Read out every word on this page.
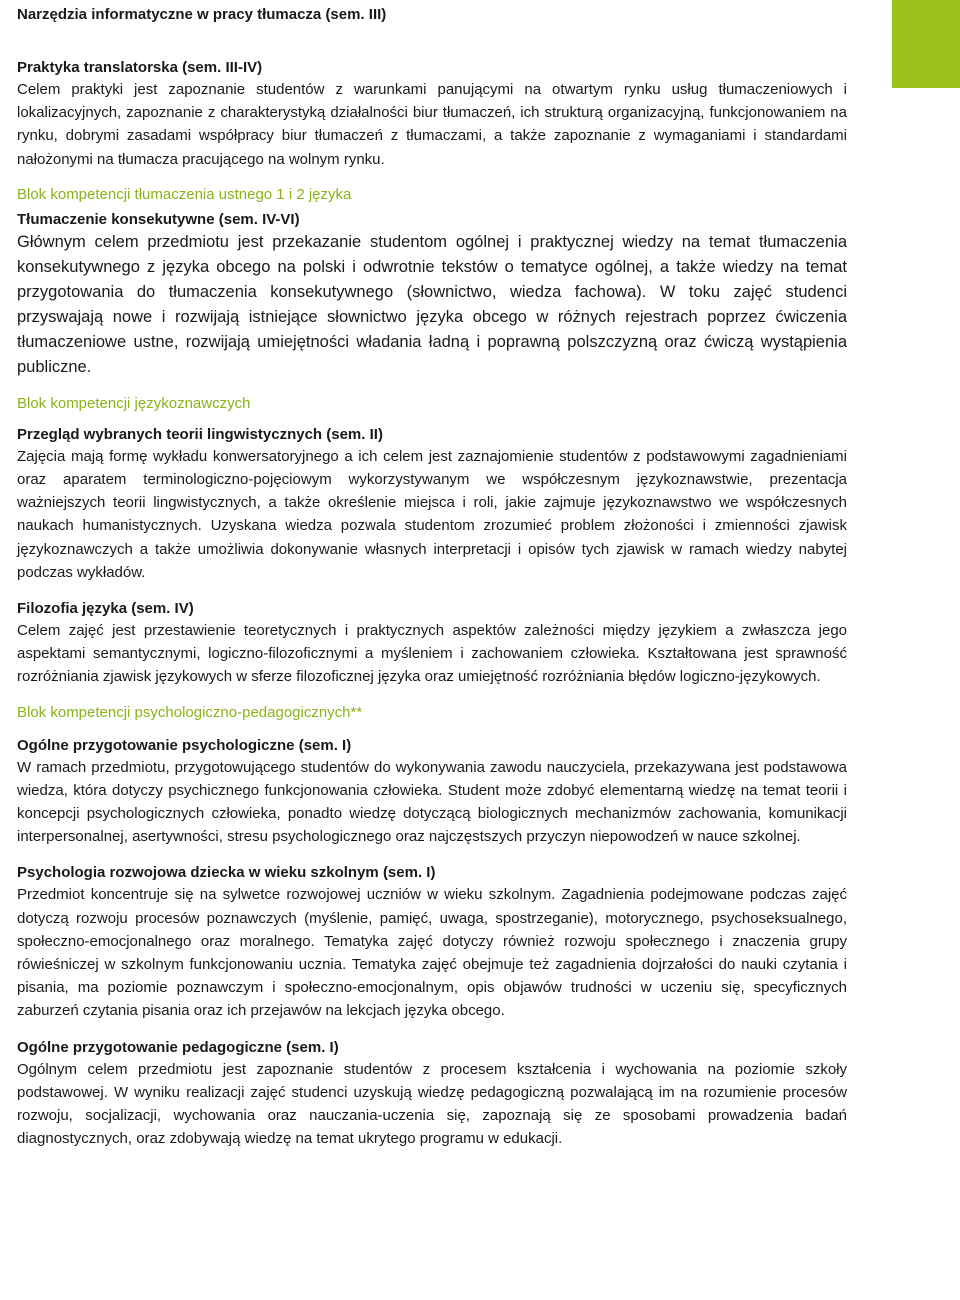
Narzędzia informatyczne w pracy tłumacza (sem. III)
Praktyka translatorska (sem. III-IV)

Celem praktyki jest zapoznanie studentów z warunkami panującymi na otwartym rynku usług tłumaczeniowych i lokalizacyjnych, zapoznanie z charakterystyką działalności biur tłumaczeń, ich strukturą organizacyjną, funkcjonowaniem na rynku, dobrymi zasadami współpracy biur tłumaczeń z tłumaczami, a także zapoznanie z wymaganiami i standardami nałożonymi na tłumacza pracującego na wolnym rynku.

Blok kompetencji tłumaczenia ustnego 1 i 2 języka
Tłumaczenie konsekutywne (sem. IV-VI)

Głównym celem przedmiotu jest przekazanie studentom ogólnej i praktycznej wiedzy na temat tłumaczenia konsekutywnego z języka obcego na polski i odwrotnie tekstów o tematyce ogólnej, a także wiedzy na temat przygotowania do tłumaczenia konsekutywnego (słownictwo, wiedza fachowa). W toku zajęć studenci przyswajają nowe i rozwijają istniejące słownictwo języka obcego w różnych rejestrach poprzez ćwiczenia tłumaczeniowe ustne, rozwijają umiejętności władania ładną i poprawną polszczyzną oraz ćwiczą wystąpienia publiczne.

Blok kompetencji językoznawczych
Przegląd wybranych teorii lingwistycznych (sem. II)

Zajęcia mają formę wykładu konwersatoryjnego a ich celem jest zaznajomienie studentów z podstawowymi zagadnieniami oraz aparatem terminologiczno-pojęciowym wykorzystywanym we współczesnym językoznawstwie, prezentacja ważniejszych teorii lingwistycznych, a także określenie miejsca i roli, jakie zajmuje językoznawstwo we współczesnych naukach humanistycznych. Uzyskana wiedza pozwala studentom zrozumieć problem złożoności i zmienności zjawisk językoznawczych a także umożliwia dokonywanie własnych interpretacji i opisów tych zjawisk w ramach wiedzy nabytej podczas wykładów.

Filozofia języka (sem. IV)

Celem zajęć jest przestawienie teoretycznych i praktycznych aspektów zależności między językiem a zwłaszcza jego aspektami semantycznymi, logiczno-filozoficznymi a myśleniem i zachowaniem człowieka. Kształtowana jest sprawność rozróżniania zjawisk językowych w sferze filozoficznej języka oraz umiejętność rozróżniania błędów logiczno-językowych.

Blok kompetencji psychologiczno-pedagogicznych**
Ogólne przygotowanie psychologiczne (sem. I)

W ramach przedmiotu, przygotowującego studentów do wykonywania zawodu nauczyciela, przekazywana jest podstawowa wiedza, która dotyczy psychicznego funkcjonowania człowieka. Student może zdobyć elementarną wiedzę na temat teorii i koncepcji psychologicznych człowieka, ponadto wiedzę dotyczącą biologicznych mechanizmów zachowania, komunikacji interpersonalnej, asertywności, stresu psychologicznego oraz najczęstszych przyczyn niepowodzeń w nauce szkolnej.

Psychologia rozwojowa dziecka w wieku szkolnym (sem. I)

Przedmiot koncentruje się na sylwetce rozwojowej uczniów w wieku szkolnym. Zagadnienia podejmowane podczas zajęć dotyczą rozwoju procesów poznawczych (myślenie, pamięć, uwaga, spostrzeganie), motorycznego, psychoseksualnego, społeczno-emocjonalnego oraz moralnego. Tematyka zajęć dotyczy również rozwoju społecznego i znaczenia grupy rówieśniczej w szkolnym funkcjonowaniu ucznia. Tematyka zajęć obejmuje też zagadnienia dojrzałości do nauki czytania i pisania, ma poziomie poznawczym i społeczno-emocjonalnym, opis objawów trudności w uczeniu się, specyficznych zaburzeń czytania pisania oraz ich przejawów na lekcjach języka obcego.

Ogólne przygotowanie pedagogiczne (sem. I)

Ogólnym celem przedmiotu jest zapoznanie studentów z procesem kształcenia i wychowania na poziomie szkoły podstawowej. W wyniku realizacji zajęć studenci uzyskują wiedzę pedagogiczną pozwalającą im na rozumienie procesów rozwoju, socjalizacji, wychowania oraz nauczania-uczenia się, zapoznają się ze sposobami prowadzenia badań diagnostycznych, oraz zdobywają wiedzę na temat ukrytego programu w edukacji.
